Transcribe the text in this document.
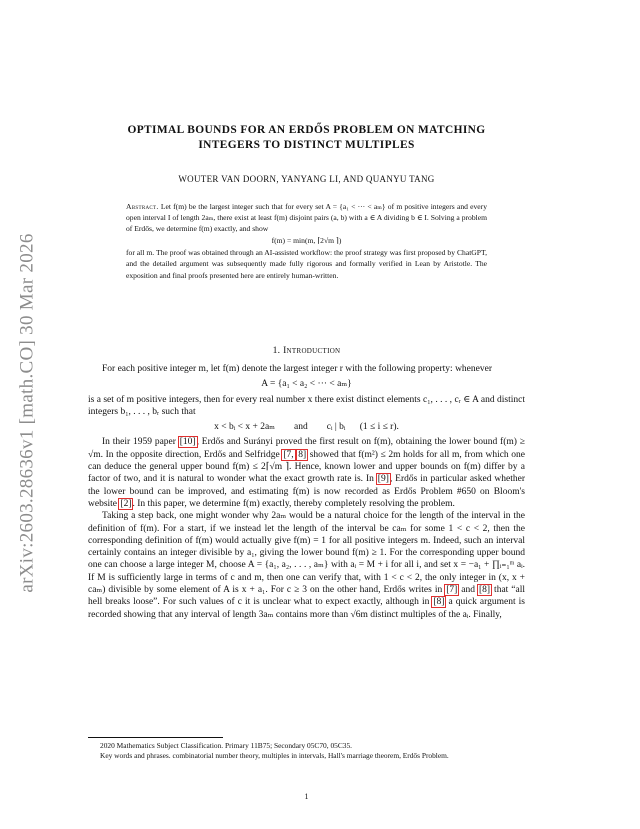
arXiv:2603.28636v1 [math.CO] 30 Mar 2026
OPTIMAL BOUNDS FOR AN ERDŐS PROBLEM ON MATCHING
INTEGERS TO DISTINCT MULTIPLES
WOUTER VAN DOORN, YANYANG LI, AND QUANYU TANG

Abstract. Let f(m) be the largest integer such that for every set A = {a₁ < ··· < aₘ} of m positive integers and every open interval I of length 2aₘ, there exist at least f(m) disjoint pairs (a, b) with a ∈ A dividing b ∈ I. Solving a problem of Erdős, we determine f(m) exactly, and show

f(m) = min(m, ⌈2√m ⌉)

for all m. The proof was obtained through an AI-assisted workflow: the proof strategy was first proposed by ChatGPT, and the detailed argument was subsequently made fully rigorous and formally verified in Lean by Aristotle. The exposition and final proofs presented here are entirely human-written.

1. Introduction

For each positive integer m, let f(m) denote the largest integer r with the following property: whenever

A = {a₁ < a₂ < ··· < aₘ}

is a set of m positive integers, then for every real number x there exist distinct elements c₁, . . . , cᵣ ∈ A and distinct integers b₁, . . . , bᵣ such that

x < bᵢ < x + 2aₘ        and        cᵢ | bᵢ      (1 ≤ i ≤ r).

In their 1959 paper [10], Erdős and Surányi proved the first result on f(m), obtaining the lower bound f(m) ≥ √m. In the opposite direction, Erdős and Selfridge [7, 8] showed that f(m²) ≤ 2m holds for all m, from which one can deduce the general upper bound f(m) ≤ 2⌈√m ⌉. Hence, known lower and upper bounds on f(m) differ by a factor of two, and it is natural to wonder what the exact growth rate is. In [9], Erdős in particular asked whether the lower bound can be improved, and estimating f(m) is now recorded as Erdős Problem #650 on Bloom's website [2]. In this paper, we determine f(m) exactly, thereby completely resolving the problem.

Taking a step back, one might wonder why 2aₘ would be a natural choice for the length of the interval in the definition of f(m). For a start, if we instead let the length of the interval be caₘ for some 1 < c < 2, then the corresponding definition of f(m) would actually give f(m) = 1 for all positive integers m. Indeed, such an interval certainly contains an integer divisible by a₁, giving the lower bound f(m) ≥ 1. For the corresponding upper bound one can choose a large integer M, choose A = {a₁, a₂, . . . , aₘ} with aᵢ = M + i for all i, and set x = −a₁ + ∏ᵢ₌₁ᵐ aᵢ. If M is sufficiently large in terms of c and m, then one can verify that, with 1 < c < 2, the only integer in (x, x + caₘ) divisible by some element of A is x + a₁. For c ≥ 3 on the other hand, Erdős writes in [7] and [8] that “all hell breaks loose”. For such values of c it is unclear what to expect exactly, although in [8] a quick argument is recorded showing that any interval of length 3aₘ contains more than √6m distinct multiples of the aᵢ. Finally,

2020 Mathematics Subject Classification. Primary 11B75; Secondary 05C70, 05C35.

Key words and phrases. combinatorial number theory, multiples in intervals, Hall's marriage theorem, Erdős Problem.

1
